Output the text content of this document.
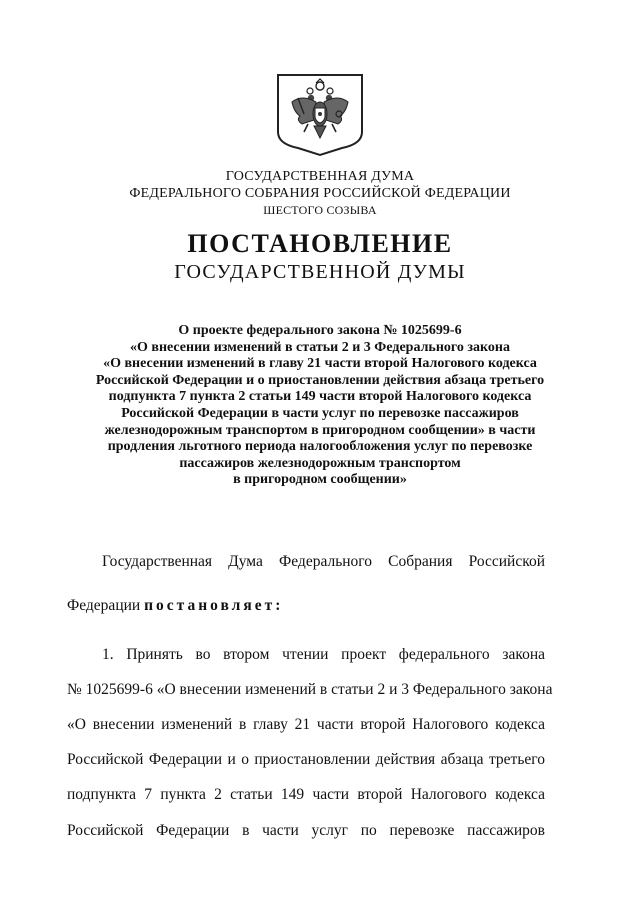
ГОСУДАРСТВЕННАЯ ДУМА
ФЕДЕРАЛЬНОГО СОБРАНИЯ РОССИЙСКОЙ ФЕДЕРАЦИИ
ШЕСТОГО СОЗЫВА
ПОСТАНОВЛЕНИЕ
ГОСУДАРСТВЕННОЙ ДУМЫ
О проекте федерального закона № 1025699-6
«О внесении изменений в статьи 2 и 3 Федерального закона
«О внесении изменений в главу 21 части второй Налогового кодекса
Российской Федерации и о приостановлении действия абзаца третьего
подпункта 7 пункта 2 статьи 149 части второй Налогового кодекса
Российской Федерации в части услуг по перевозке пассажиров
железнодорожным транспортом в пригородном сообщении» в части
продления льготного периода налогообложения услуг по перевозке
пассажиров железнодорожным транспортом
в пригородном сообщении»
Государственная Дума Федерального Собрания Российской
Федерации постановляет:
1. Принять во втором чтении проект федерального закона
№ 1025699-6 «О внесении изменений в статьи 2 и 3 Федерального закона
«О внесении изменений в главу 21 части второй Налогового кодекса
Российской Федерации и о приостановлении действия абзаца третьего
подпункта 7 пункта 2 статьи 149 части второй Налогового кодекса
Российской Федерации в части услуг по перевозке пассажиров
